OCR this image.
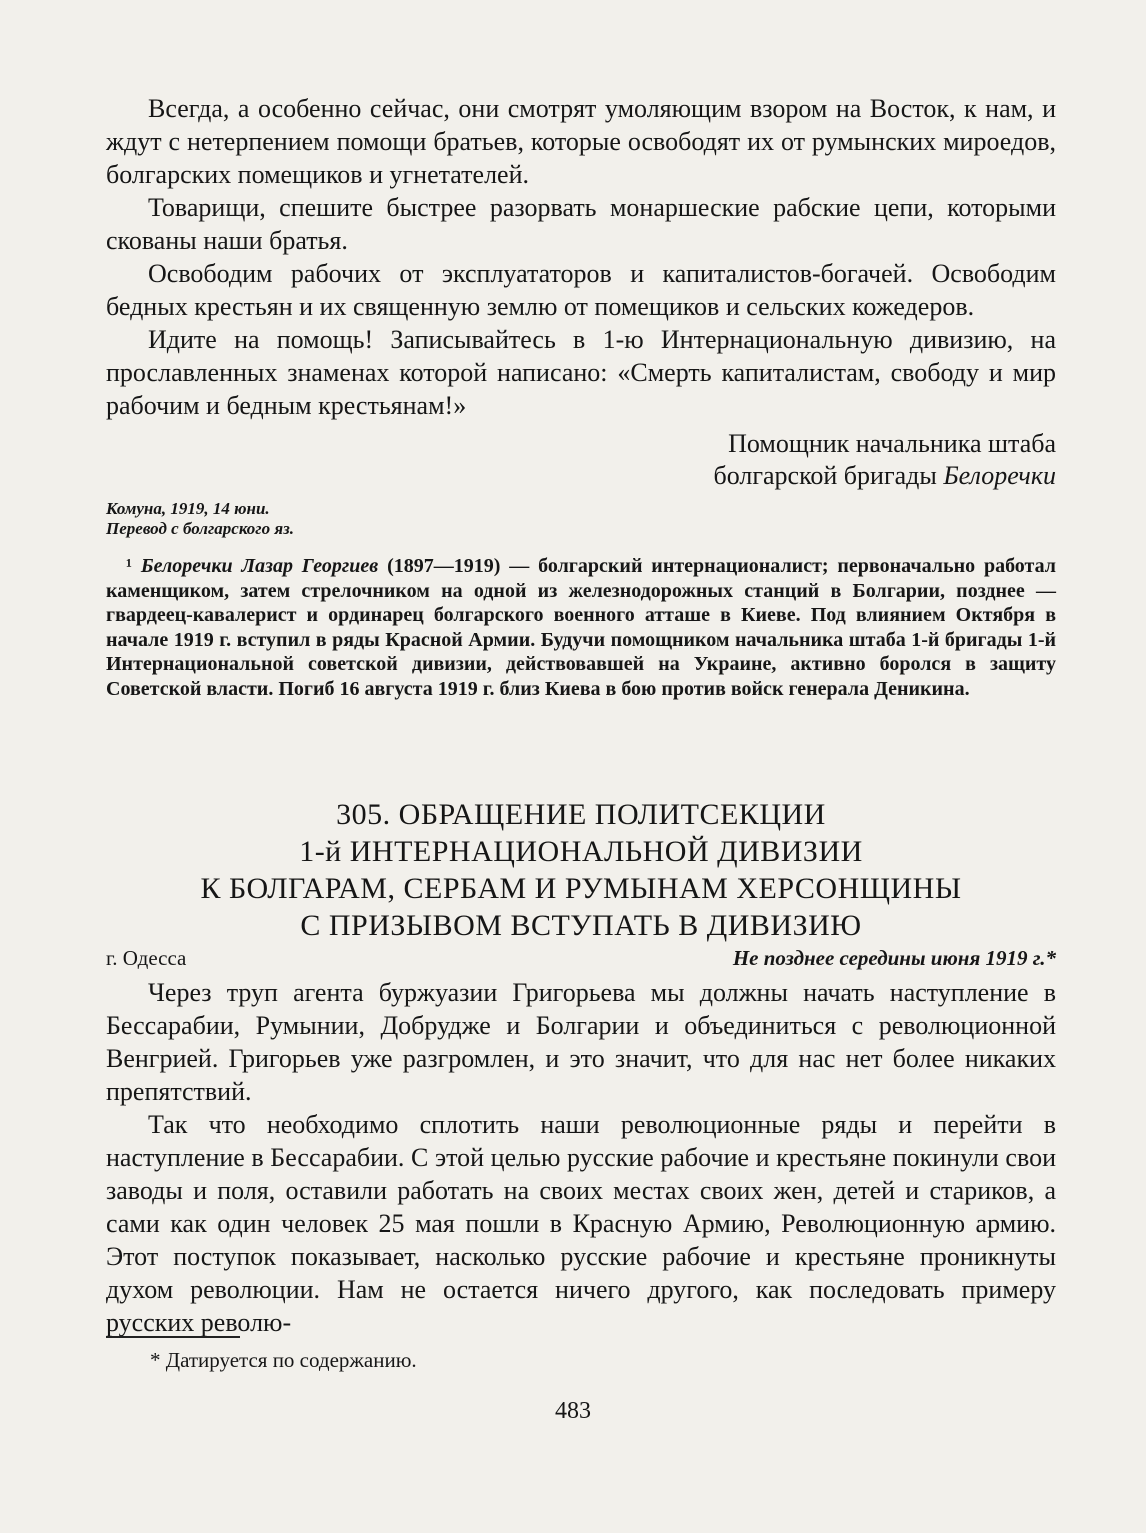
Всегда, а особенно сейчас, они смотрят умоляющим взором на Восток, к нам, и ждут с нетерпением помощи братьев, которые освободят их от румынских мироедов, болгарских помещиков и угнетателей.

Товарищи, спешите быстрее разорвать монаршеские рабские цепи, которыми скованы наши братья.

Освободим рабочих от эксплуататоров и капиталистов-богачей. Освободим бедных крестьян и их священную землю от помещиков и сельских кожедеров.

Идите на помощь! Записывайтесь в 1-ю Интернациональную дивизию, на прославленных знаменах которой написано: «Смерть капиталистам, свободу и мир рабочим и бедным крестьянам!»

Помощник начальника штаба
болгарской бригады Белоречки
Комуна, 1919, 14 юни.
Перевод с болгарского яз.

¹ Белоречки Лазар Георгиев (1897—1919) — болгарский интернационалист; первоначально работал каменщиком, затем стрелочником на одной из железнодорожных станций в Болгарии, позднее — гвардеец-кавалерист и ординарец болгарского военного атташе в Киеве. Под влиянием Октября в начале 1919 г. вступил в ряды Красной Армии. Будучи помощником начальника штаба 1-й бригады 1-й Интернациональной советской дивизии, действовавшей на Украине, активно боролся в защиту Советской власти. Погиб 16 августа 1919 г. близ Киева в бою против войск генерала Деникина.

305. ОБРАЩЕНИЕ ПОЛИТСЕКЦИИ
1-й ИНТЕРНАЦИОНАЛЬНОЙ ДИВИЗИИ
К БОЛГАРАМ, СЕРБАМ И РУМЫНАМ ХЕРСОНЩИНЫ
С ПРИЗЫВОМ ВСТУПАТЬ В ДИВИЗИЮ
г. Одесса	Не позднее середины июня 1919 г.*

Через труп агента буржуазии Григорьева мы должны начать наступление в Бессарабии, Румынии, Добрудже и Болгарии и объединиться с революционной Венгрией. Григорьев уже разгромлен, и это значит, что для нас нет более никаких препятствий.

Так что необходимо сплотить наши революционные ряды и перейти в наступление в Бессарабии. С этой целью русские рабочие и крестьяне покинули свои заводы и поля, оставили работать на своих местах своих жен, детей и стариков, а сами как один человек 25 мая пошли в Красную Армию, Революционную армию. Этот поступок показывает, насколько русские рабочие и крестьяне проникнуты духом революции. Нам не остается ничего другого, как последовать примеру русских револю-

* Датируется по содержанию.
483
